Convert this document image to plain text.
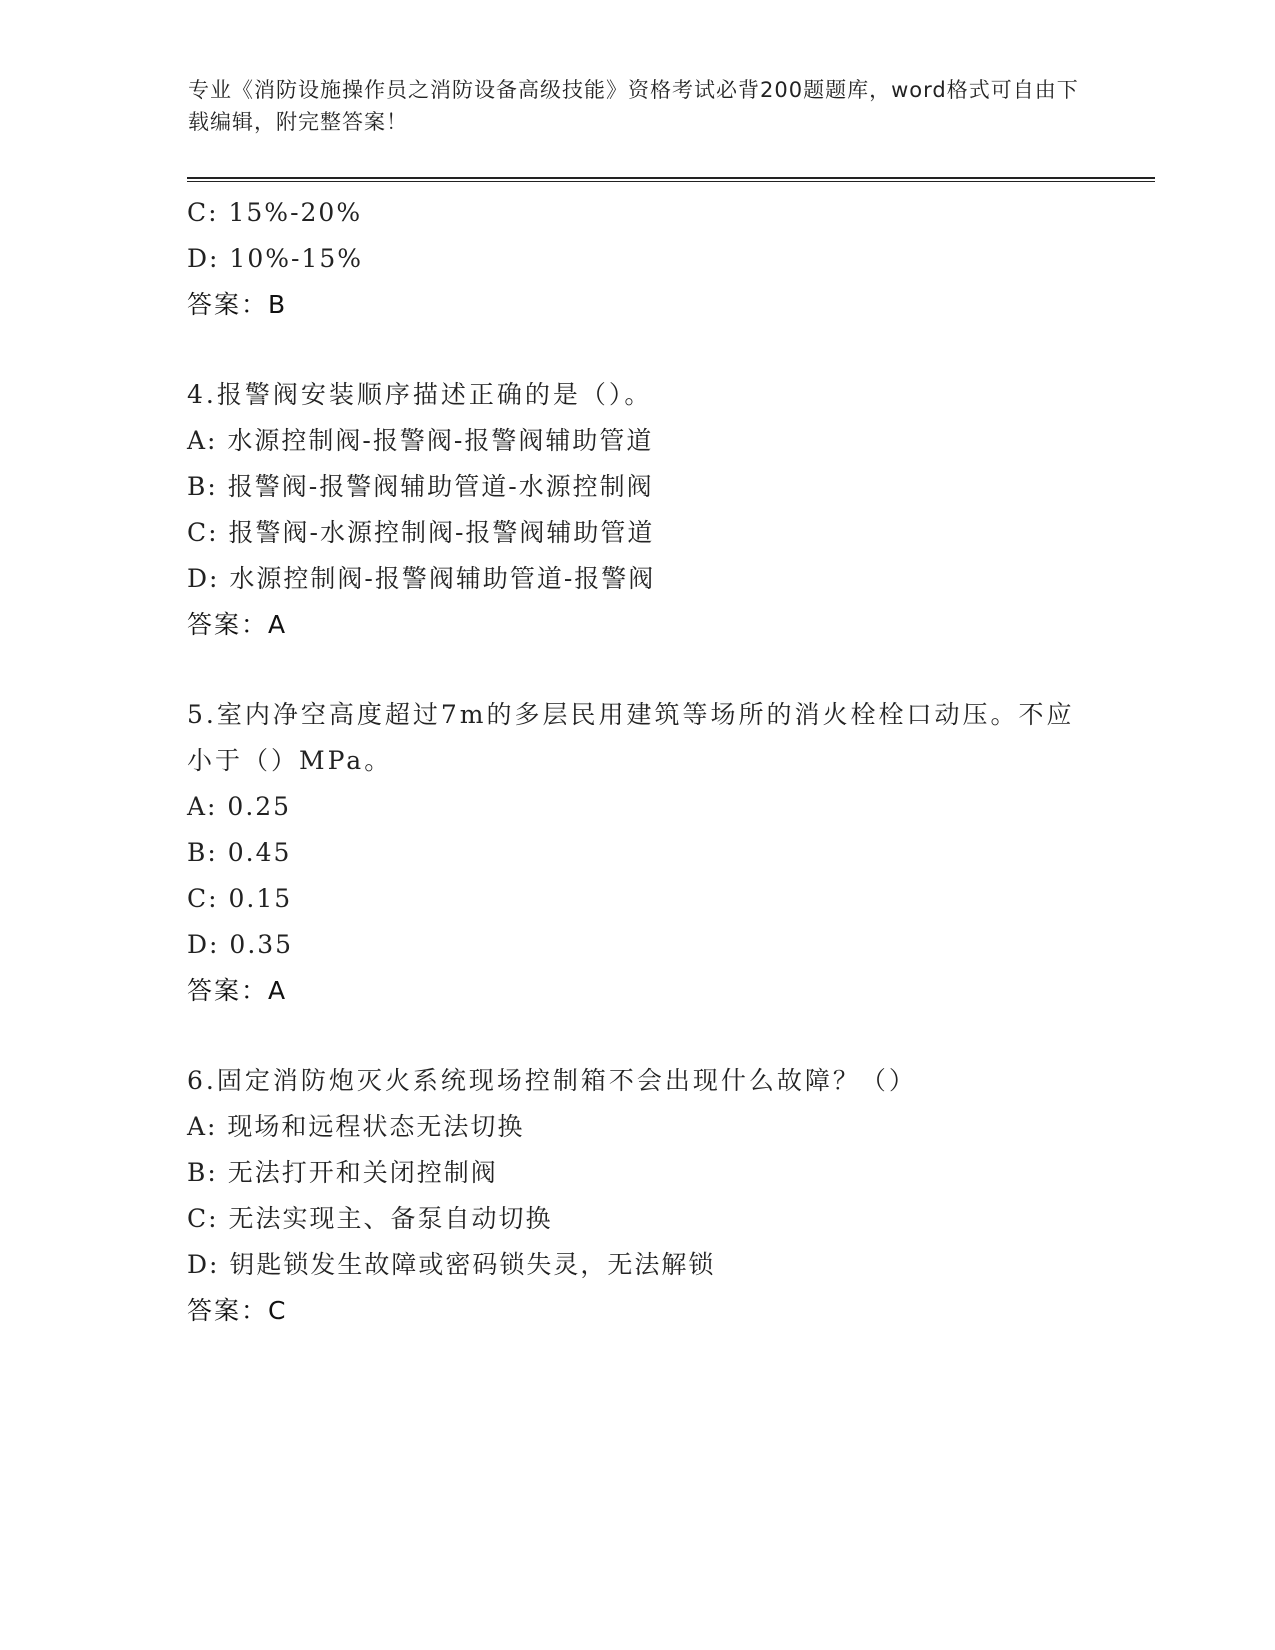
专业《消防设施操作员之消防设备高级技能》资格考试必背200题题库，word格式可自由下载编辑，附完整答案！
C: 15%-20%
D: 10%-15%
答案：B
4.报警阀安装顺序描述正确的是（）。
A: 水源控制阀-报警阀-报警阀辅助管道
B: 报警阀-报警阀辅助管道-水源控制阀
C: 报警阀-水源控制阀-报警阀辅助管道
D: 水源控制阀-报警阀辅助管道-报警阀
答案：A
5.室内净空高度超过7m的多层民用建筑等场所的消火栓栓口动压。不应小于（）MPa。
A: 0.25
B: 0.45
C: 0.15
D: 0.35
答案：A
6.固定消防炮灭火系统现场控制箱不会出现什么故障？（）
A: 现场和远程状态无法切换
B: 无法打开和关闭控制阀
C: 无法实现主、备泵自动切换
D: 钥匙锁发生故障或密码锁失灵，无法解锁
答案：C
